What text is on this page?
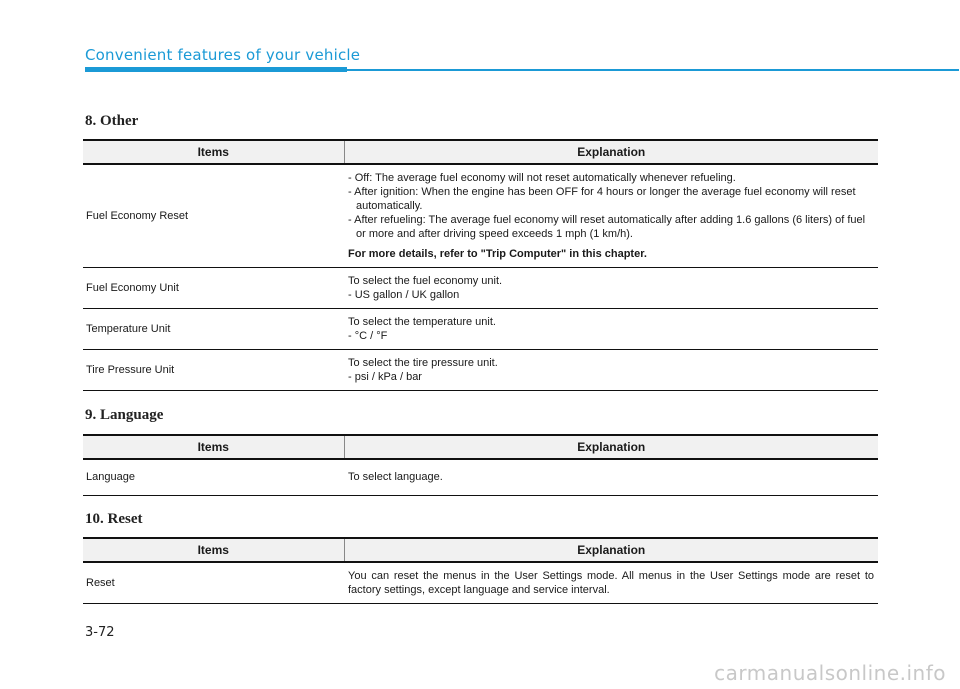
Convenient features of your vehicle
8. Other
Items	Explanation
Fuel Economy Reset	- Off: The average fuel economy will not reset automatically whenever refueling.
- After ignition: When the engine has been OFF for 4 hours or longer the average fuel economy will reset automatically.
- After refueling: The average fuel economy will reset automatically after adding 1.6 gallons (6 liters) of fuel or more and after driving speed exceeds 1 mph (1 km/h).
For more details, refer to "Trip Computer" in this chapter.

Fuel Economy Unit	To select the fuel economy unit.
- US gallon / UK gallon

Temperature Unit	To select the temperature unit.
- °C / °F

Tire Pressure Unit	To select the tire pressure unit.
- psi / kPa / bar
9. Language
Items	Explanation
Language	To select language.
10. Reset
Items	Explanation
Reset	You can reset the menus in the User Settings mode. All menus in the User Settings mode are reset to factory settings, except language and service interval.
3-72
carmanualsonline.info
